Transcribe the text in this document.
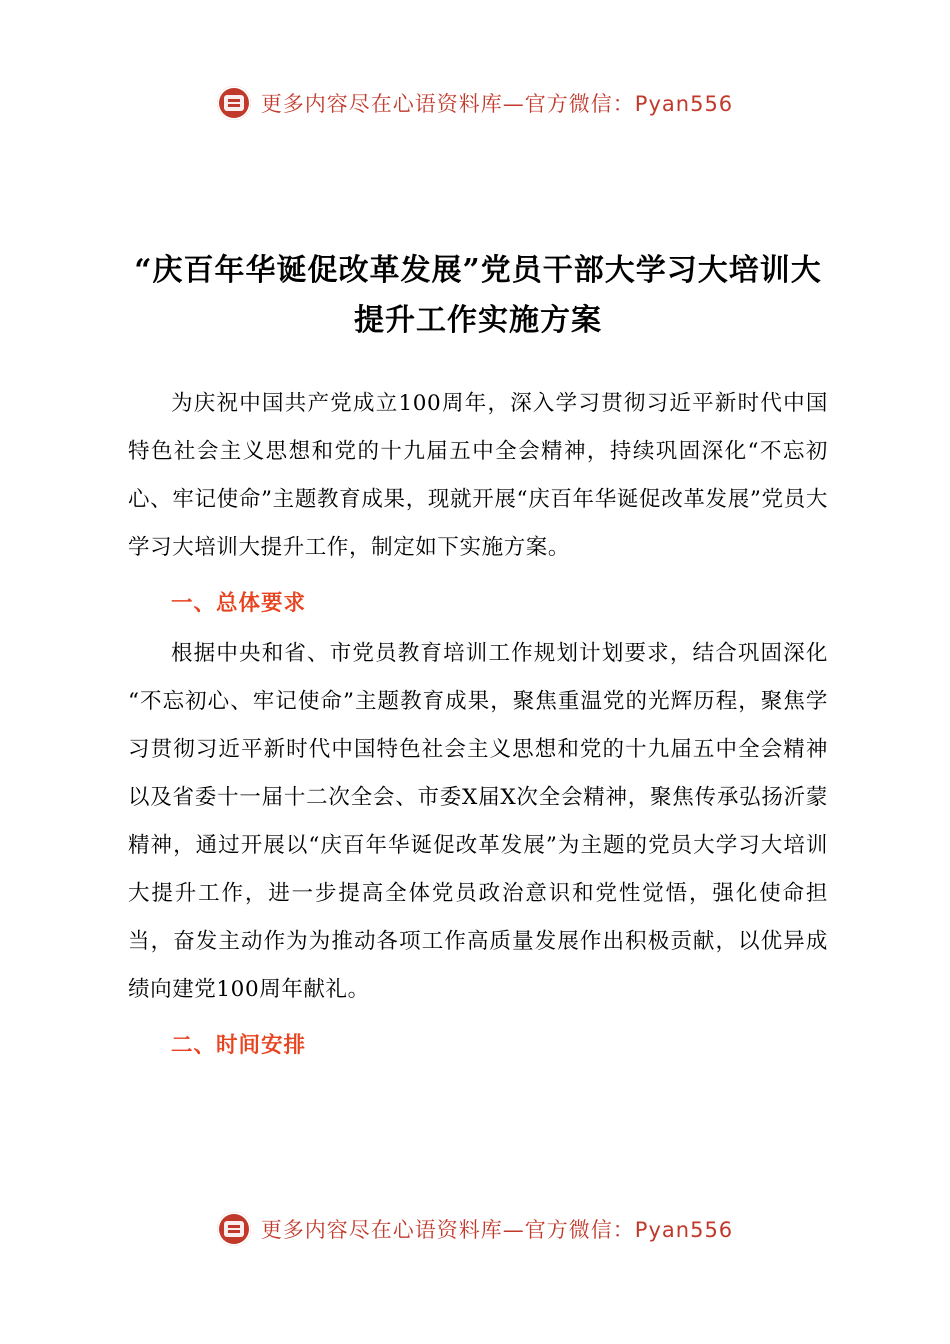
更多内容尽在心语资料库—官方微信：Pyan556
“庆百年华诞促改革发展”党员干部大学习大培训大提升工作实施方案

为庆祝中国共产党成立100周年，深入学习贯彻习近平新时代中国特色社会主义思想和党的十九届五中全会精神，持续巩固深化“不忘初心、牢记使命”主题教育成果，现就开展“庆百年华诞促改革发展”党员大学习大培训大提升工作，制定如下实施方案。

一、总体要求

根据中央和省、市党员教育培训工作规划计划要求，结合巩固深化“不忘初心、牢记使命”主题教育成果，聚焦重温党的光辉历程，聚焦学习贯彻习近平新时代中国特色社会主义思想和党的十九届五中全会精神以及省委十一届十二次全会、市委X届X次全会精神，聚焦传承弘扬沂蒙精神，通过开展以“庆百年华诞促改革发展”为主题的党员大学习大培训大提升工作，进一步提高全体党员政治意识和党性觉悟，强化使命担当，奋发主动作为为推动各项工作高质量发展作出积极贡献，以优异成绩向建党100周年献礼。

二、时间安排
更多内容尽在心语资料库—官方微信：Pyan556
